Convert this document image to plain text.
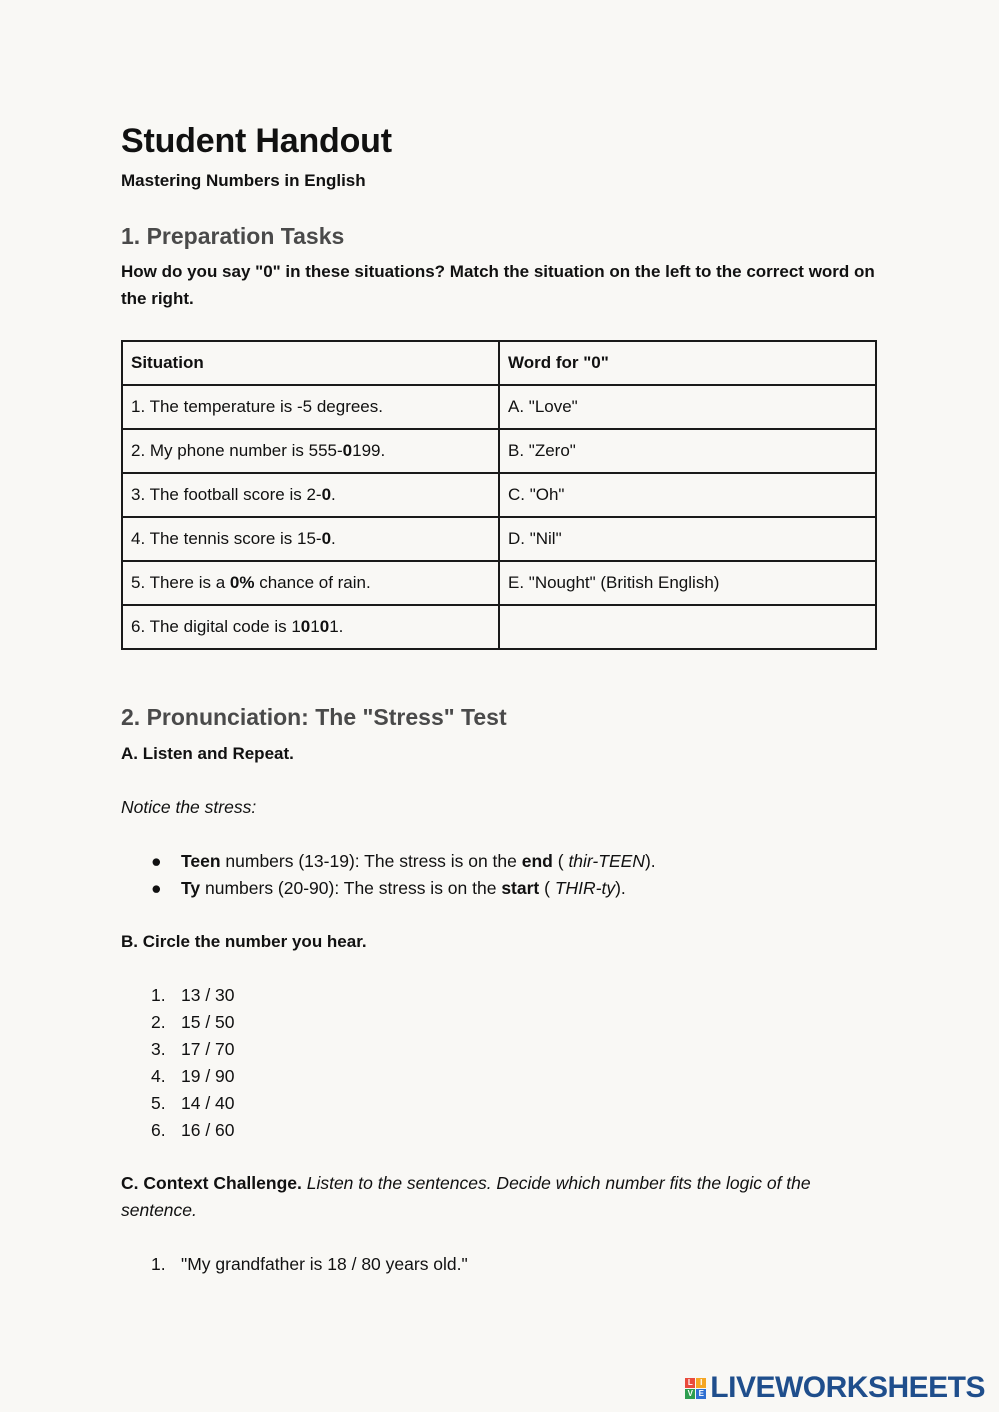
Student Handout
Mastering Numbers in English
1. Preparation Tasks

How do you say "0" in these situations? Match the situation on the left to the correct word on the right.

Situation	Word for "0"
1. The temperature is -5 degrees.	A. "Love"
2. My phone number is 555-0199.	B. "Zero"
3. The football score is 2-0.	C. "Oh"
4. The tennis score is 15-0.	D. "Nil"
5. There is a 0% chance of rain.	E. "Nought" (British English)
6. The digital code is 10101.	
2. Pronunciation: The "Stress" Test

A. Listen and Repeat.

Notice the stress:

● Teen numbers (13-19): The stress is on the end ( thir-TEEN).
● Ty numbers (20-90): The stress is on the start ( THIR-ty).

B. Circle the number you hear.

1. 13 / 30
2. 15 / 50
3. 17 / 70
4. 19 / 90
5. 14 / 40
6. 16 / 60

C. Context Challenge. Listen to the sentences. Decide which number fits the logic of the sentence.

1. "My grandfather is 18 / 80 years old."
L I
V E LIVEWORKSHEETS
